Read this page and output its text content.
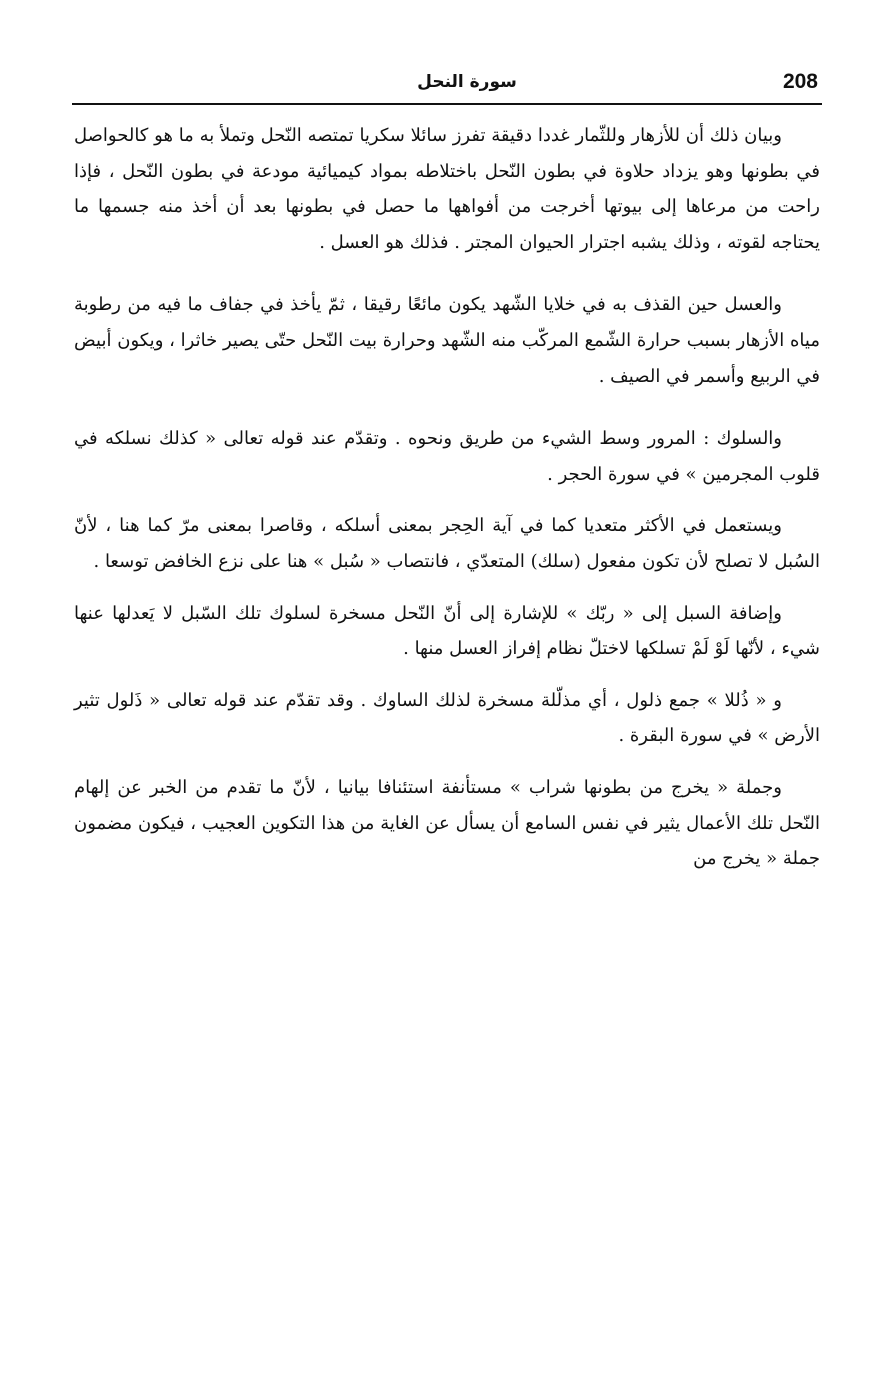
208
سورة النحل

وبيان ذلك أن للأزهار وللثّمار غددا دقيقة تفرز سائلا سكريا تمتصه النّحل وتملأ به ما هو كالحواصل في بطونها وهو يزداد حلاوة في بطون النّحل باختلاطه بمواد كيميائية مودعة في بطون النّحل ، فإذا راحت من مرعاها إلى بيوتها أخرجت من أفواهها ما حصل في بطونها بعد أن أخذ منه جسمها ما يحتاجه لقوته ، وذلك يشبه اجترار الحيوان المجتر . فذلك هو العسل .

والعسل حين القذف به في خلايا الشّهد يكون مائعًا رقيقا ، ثمّ يأخذ في جفاف ما فيه من رطوبة مياه الأزهار بسبب حرارة الشّمع المركّب منه الشّهد وحرارة بيت النّحل حتّى يصير خاثرا ، ويكون أبيض في الربيع وأسمر في الصيف .

والسلوك : المرور وسط الشيء من طريق ونحوه . وتقدّم عند قوله تعالى « كذلك نسلكه في قلوب المجرمين » في سورة الحجر .

ويستعمل في الأكثر متعديا كما في آية الحِجر بمعنى أسلكه ، وقاصرا بمعنى مرّ كما هنا ، لأنّ السُبل لا تصلح لأن تكون مفعول (سلك) المتعدّي ، فانتصاب « سُبل » هنا على نزع الخافض توسعا .

وإضافة السبل إلى « ربّك » للإشارة إلى أنّ النّحل مسخرة لسلوك تلك السّبل لا يَعدلها عنها شيء ، لأنّها لَوْ لَمْ تسلكها لاختلّ نظام إفراز العسل منها .

و « ذُللا » جمع ذلول ، أي مذلّلة مسخرة لذلك الساوك . وقد تقدّم عند قوله تعالى « ذَلول تثير الأرض » في سورة البقرة .

وجملة « يخرج من بطونها شراب » مستأنفة استئنافا بيانيا ، لأنّ ما تقدم من الخبر عن إلهام النّحل تلك الأعمال يثير في نفس السامع أن يسأل عن الغاية من هذا التكوين العجيب ، فيكون مضمون جملة « يخرج من
